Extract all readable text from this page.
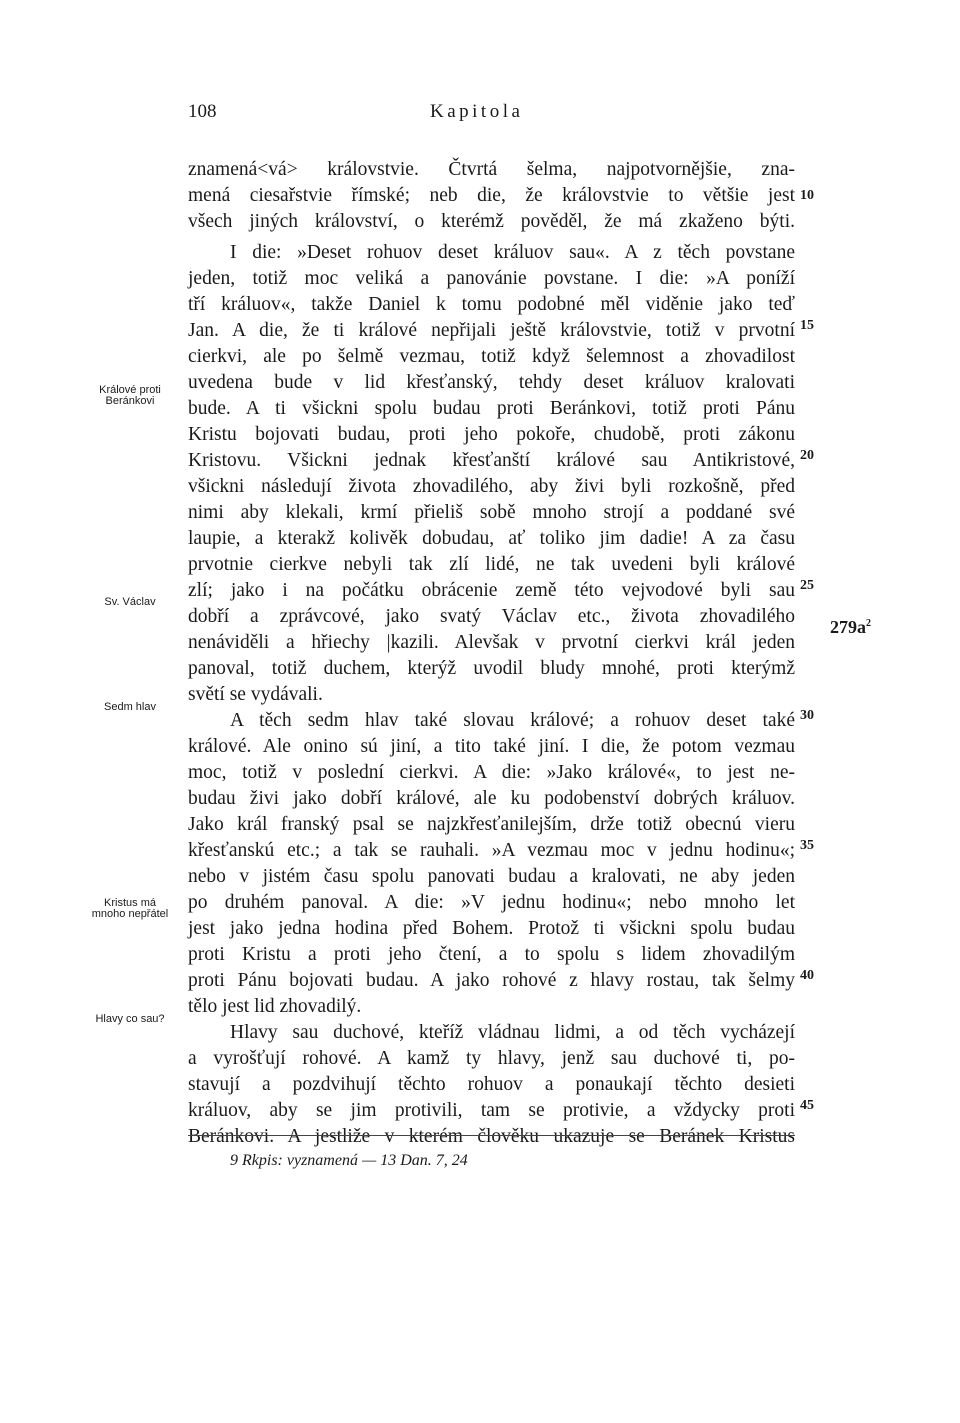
108	Kapitola
znamená<vá> královstvie. Čtvrtá šelma, najpotvornějšie, zna-
mená ciesařstvie římské; neb die, že královstvie to většie jest
všech jiných království, o kterémž pověděl, že má zkaženo býti.
I die: »Deset rohuov deset králuov sau«. A z těch povstane
jeden, totiž moc veliká a panovánie povstane. I die: »A poníží
tří králuov«, takže Daniel k tomu podobné měl viděnie jako teď
Jan. A die, že ti králové nepřijali ještě královstvie, totiž v prvotní
cierkvi, ale po šelmě vezmau, totiž když šelemnost a zhovadilost
uvedena bude v lid křesťanský, tehdy deset králuov kralovati
bude. A ti všickni spolu budau proti Beránkovi, totiž proti Pánu
Kristu bojovati budau, proti jeho pokoře, chudobě, proti zákonu
Kristovu. Všickni jednak křesťanští králové sau Antikristové,
všickni následují života zhovadilého, aby živi byli rozkošně, před
nimi aby klekali, krmí přieliš sobě mnoho strojí a poddané své
laupie, a kterakž kolivěk dobudau, ať toliko jim dadie! A za času
prvotnie cierkve nebyli tak zlí lidé, ne tak uvedeni byli králové
zlí; jako i na počátku obrácenie země této vejvodové byli sau
dobří a zprávcové, jako svatý Václav etc., života zhovadilého
nenáviděli a hřiechy |kazili. Alevšak v prvotní cierkvi král jeden
panoval, totiž duchem, kterýž uvodil bludy mnohé, proti kterýmž
světí se vydávali.
A těch sedm hlav také slovau králové; a rohuov deset také
králové. Ale onino sú jiní, a tito také jiní. I die, že potom vezmau
moc, totiž v poslední cierkvi. A die: »Jako králové«, to jest ne-
budau živi jako dobří králové, ale ku podobenství dobrých králuov.
Jako král franský psal se najzkřesťanilejším, drže totiž obecnú vieru
křesťanskú etc.; a tak se rauhali. »A vezmau moc v jednu hodinu«;
nebo v jistém času spolu panovati budau a kralovati, ne aby jeden
po druhém panoval. A die: »V jednu hodinu«; nebo mnoho let
jest jako jedna hodina před Bohem. Protož ti všickni spolu budau
proti Kristu a proti jeho čtení, a to spolu s lidem zhovadilým
proti Pánu bojovati budau. A jako rohové z hlavy rostau, tak šelmy
tělo jest lid zhovadilý.
Hlavy sau duchové, kteříž vládnau lidmi, a od těch vycházejí
a vyrošťují rohové. A kamž ty hlavy, jenž sau duchové ti, po-
stavují a pozdvihují těchto rohuov a ponaukají těchto desieti
králuov, aby se jim protivili, tam se protivie, a vždycky proti
Beránkovi. A jestliže v kterém člověku ukazuje se Beránek Kristus
10
15
20
25
30
35
40
45
Králové proti
Beránkovi
Sv. Václav
Sedm hlav
Kristus má
mnoho nepřátel
Hlavy co sau?
$279a^2$
9 Rkpis: vyznamená — 13 Dan. 7, 24
